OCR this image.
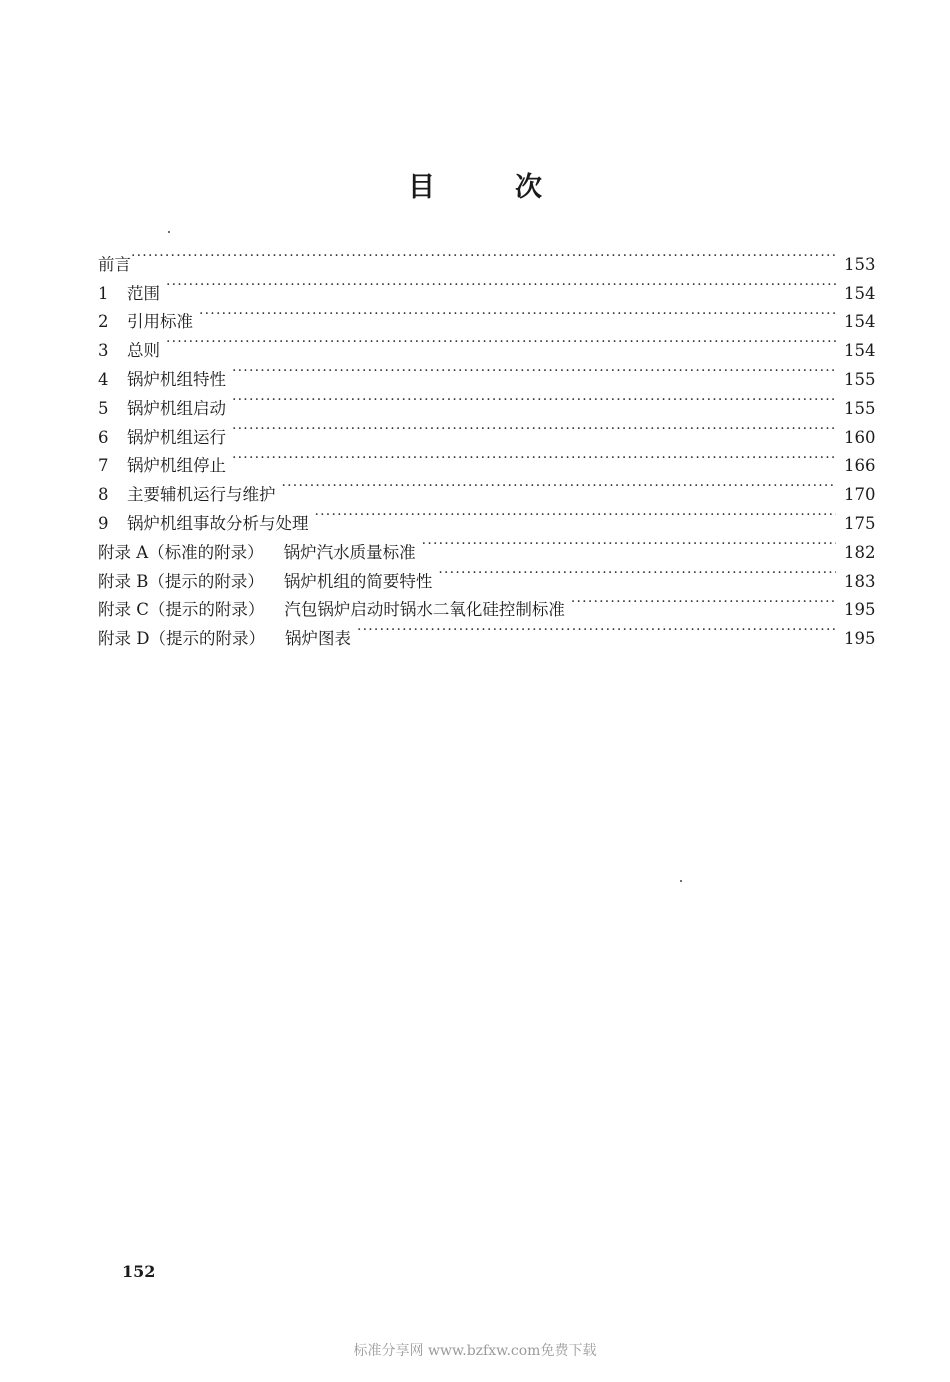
目	次
前言 ·····	153
1	范围 ·····	154
2	引用标准 ·····	154
3	总则 ·····	154
4	锅炉机组特性 ·····	155
5	锅炉机组启动 ·····	155
6	锅炉机组运行 ·····	160
7	锅炉机组停止 ·····	166
8	主要辅机运行与维护 ·····	170
9	锅炉机组事故分析与处理 ·····	175
附录 A（标准的附录） 锅炉汽水质量标准 ·····	182
附录 B（提示的附录） 锅炉机组的简要特性 ·····	183
附录 C（提示的附录） 汽包锅炉启动时锅水二氧化硅控制标准 ·····	195
附录 D（提示的附录） 锅炉图表 ·····	195
152
标准分享网 www.bzfxw.com免费下载
